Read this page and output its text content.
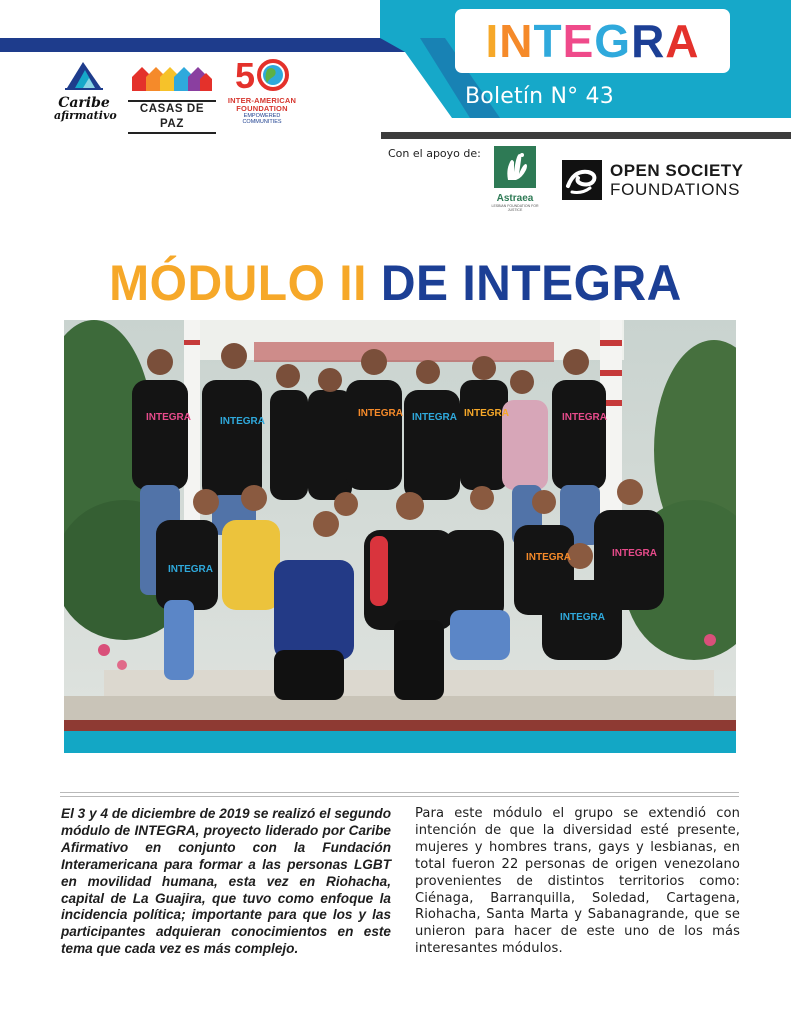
INTEGRA
Boletín N° 43
Caribe
afirmativo	CASAS DE PAZ
5
INTER-AMERICAN FOUNDATION
EMPOWERED COMMUNITIES
Con el apoyo de:
Astraea
LESBIAN FOUNDATION FOR JUSTICE
OPEN SOCIETY
FOUNDATIONS
MÓDULO II DE INTEGRA
INTEGRA	INTEGRA
INTEGRA INTEGRA INTEGRA	INTEGRA
INTEGRA
INTEGRA	INTEGRA
INTEGRA

El 3 y 4 de diciembre de 2019 se realizó el segundo módulo de INTEGRA, proyecto liderado por Caribe Afirmativo en conjunto con la Fundación Interamericana para formar a las personas LGBT en movilidad humana, esta vez en Riohacha, capital de La Guajira, que tuvo como enfoque la incidencia política; importante para que los y las participantes adquieran conocimientos en este tema que cada vez es más complejo.

Para este módulo el grupo se extendió con intención de que la diversidad esté presente, mujeres y hombres trans, gays y lesbianas, en total fueron 22 personas de origen venezolano provenientes de distintos territorios como: Ciénaga, Barranquilla, Soledad, Cartagena, Riohacha, Santa Marta y Sabanagrande, que se unieron para hacer de este uno de los más interesantes módulos.
